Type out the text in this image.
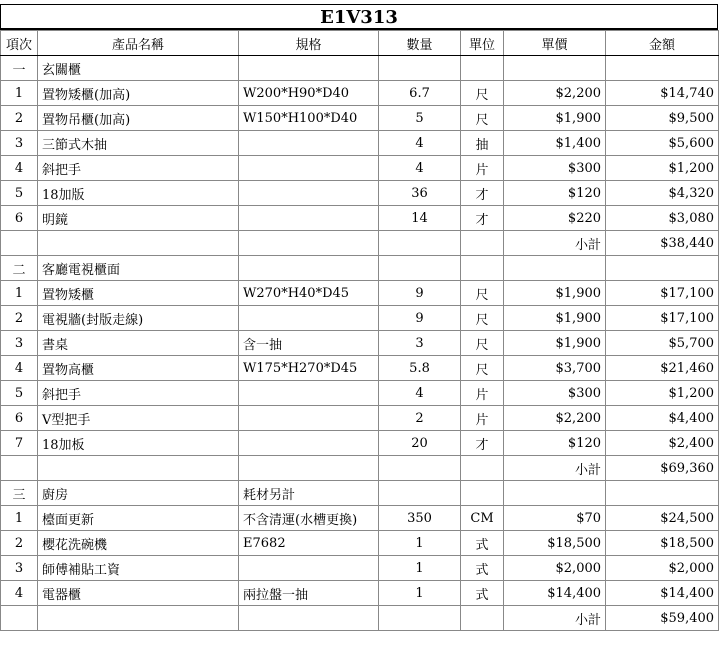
E1V313
項次	產品名稱	規格	數量	單位	單價	金額
一	玄關櫃					
1	置物矮櫃(加高)	W200*H90*D40	6.7	尺	$2,200	$14,740
2	置物吊櫃(加高)	W150*H100*D40	5	尺	$1,900	$9,500
3	三節式木抽		4	抽	$1,400	$5,600
4	斜把手		4	片	$300	$1,200
5	18加版		36	才	$120	$4,320
6	明鏡		14	才	$220	$3,080
					小計	$38,440
二	客廳電視櫃面					
1	置物矮櫃	W270*H40*D45	9	尺	$1,900	$17,100
2	電視牆(封版走線)		9	尺	$1,900	$17,100
3	書桌	含一抽	3	尺	$1,900	$5,700
4	置物高櫃	W175*H270*D45	5.8	尺	$3,700	$21,460
5	斜把手		4	片	$300	$1,200
6	V型把手		2	片	$2,200	$4,400
7	18加板		20	才	$120	$2,400
					小計	$69,360
三	廚房	耗材另計				
1	檯面更新	不含清運(水槽更換)	350	CM	$70	$24,500
2	櫻花洗碗機	E7682	1	式	$18,500	$18,500
3	師傅補貼工資		1	式	$2,000	$2,000
4	電器櫃	兩拉盤一抽	1	式	$14,400	$14,400
					小計	$59,400
